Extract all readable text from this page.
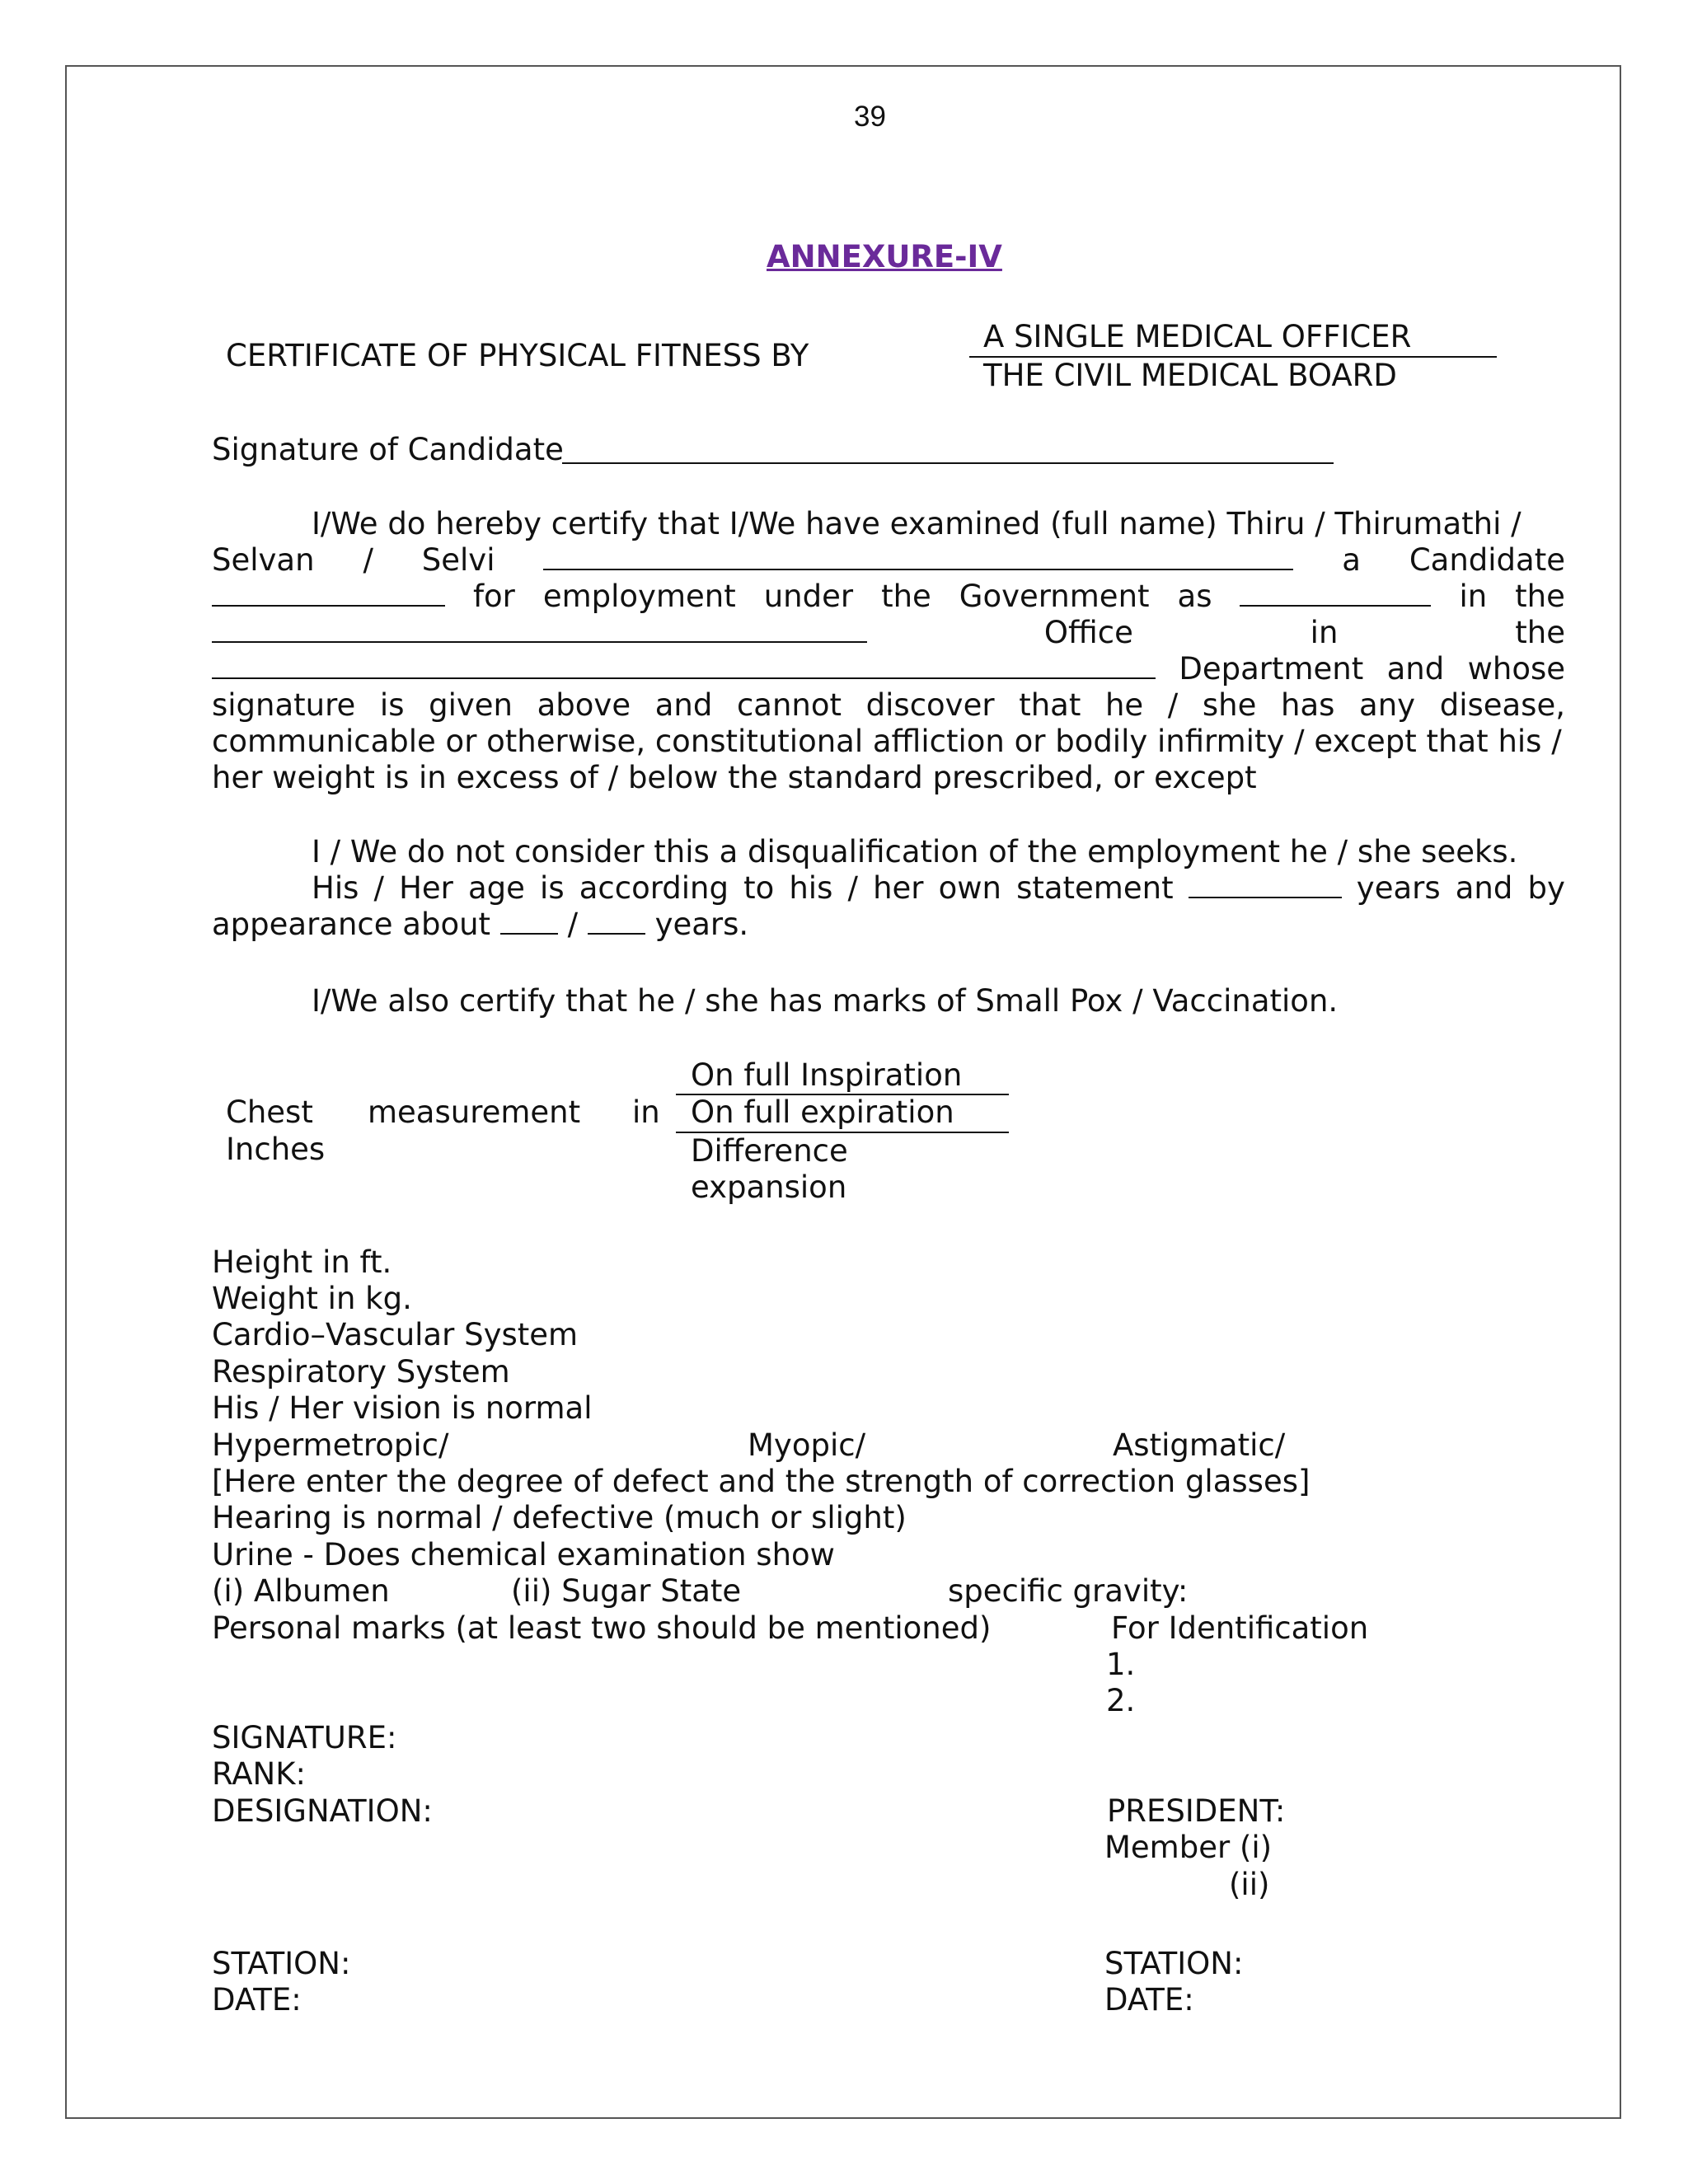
39
ANNEXURE-IV
CERTIFICATE OF PHYSICAL FITNESS BY
A SINGLE MEDICAL OFFICER
THE CIVIL MEDICAL BOARD
Signature of Candidate
I/We do hereby certify that I/We have examined (full name) Thiru / Thirumathi /
Selvan / Selvi	a Candidate
for employment under the Government as	in the
Office	in	the
Department and whose
signature is given above and cannot discover that he / she has any disease,
communicable or otherwise, constitutional affliction or bodily infirmity / except that his /
her weight is in excess of / below the standard prescribed, or except
I / We do not consider this a disqualification of the employment he / she seeks.
His / Her age is according to his / her own statement	years and by
appearance about	/	years.
I/We also certify that he / she has marks of Small Pox / Vaccination.
Chest measurement in
Inches
On full Inspiration
On full expiration
Difference
expansion
Height in ft.
Weight in kg.
Cardio–Vascular System
Respiratory System
His / Her vision is normal
Hypermetropic/	Myopic/	Astigmatic/
[Here enter the degree of defect and the strength of correction glasses]
Hearing is normal / defective (much or slight)
Urine - Does chemical examination show
(i) Albumen	(ii) Sugar State	specific gravity:
Personal marks (at least two should be mentioned)	For Identification
1.
2.
SIGNATURE:
RANK:
DESIGNATION:	PRESIDENT:
Member (i)
(ii)
STATION:
DATE:
STATION:
DATE:
